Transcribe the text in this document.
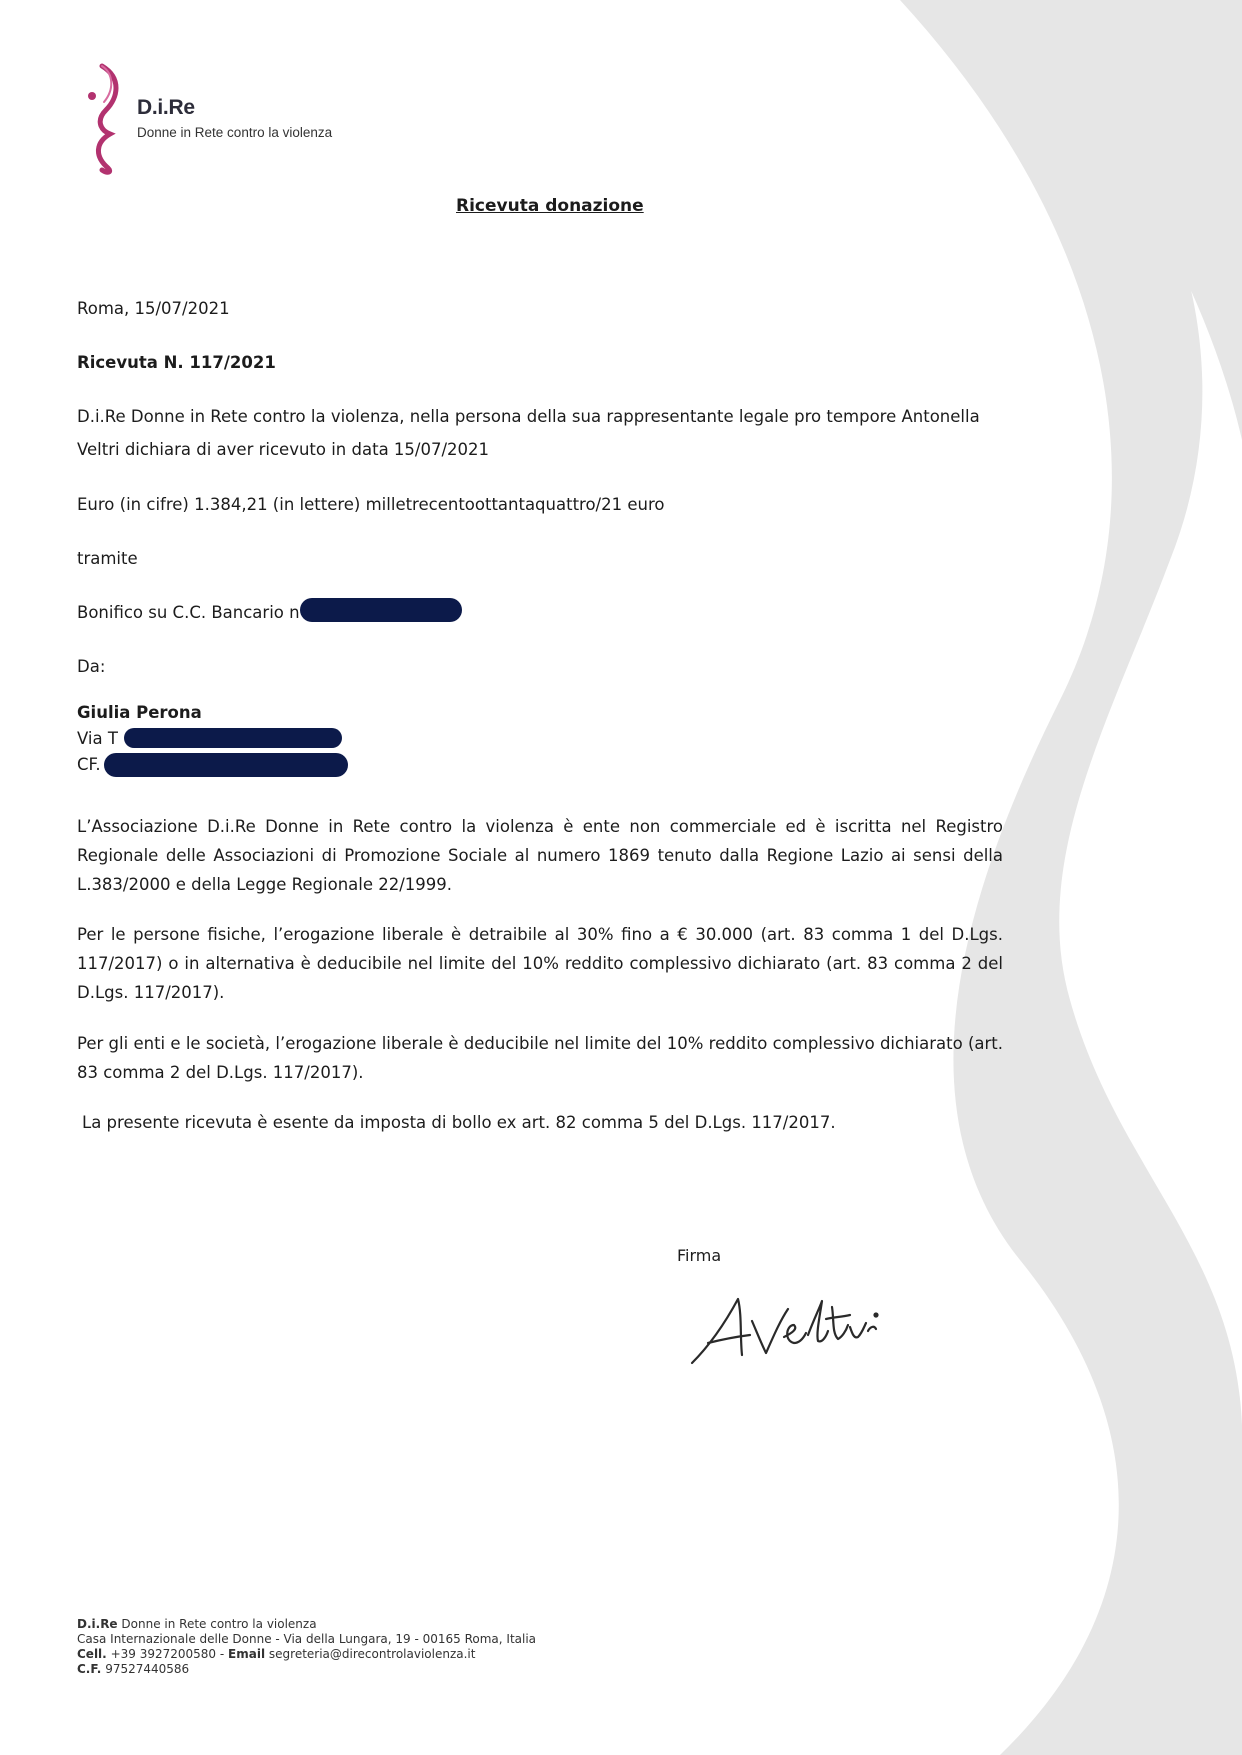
D.i.Re
Donne in Rete contro la violenza
Ricevuta donazione
Roma, 15/07/2021
Ricevuta N. 117/2021
D.i.Re Donne in Rete contro la violenza, nella persona della sua rappresentante legale pro tempore Antonella
Veltri dichiara di aver ricevuto in data 15/07/2021
Euro (in cifre) 1.384,21 (in lettere) milletrecentoottantaquattro/21 euro
tramite
Bonifico su C.C. Bancario n
Da:
Giulia Perona
Via T
CF.
L’Associazione D.i.Re Donne in Rete contro la violenza è ente non commerciale ed è iscritta nel Registro Regionale delle Associazioni di Promozione Sociale al numero 1869 tenuto dalla Regione Lazio ai sensi della L.383/2000 e della Legge Regionale 22/1999.
Per le persone fisiche, l’erogazione liberale è detraibile al 30% fino a € 30.000 (art. 83 comma 1 del D.Lgs. 117/2017) o in alternativa è deducibile nel limite del 10% reddito complessivo dichiarato (art. 83 comma 2 del D.Lgs. 117/2017).
Per gli enti e le società, l’erogazione liberale è deducibile nel limite del 10% reddito complessivo dichiarato (art. 83 comma 2 del D.Lgs. 117/2017).
La presente ricevuta è esente da imposta di bollo ex art. 82 comma 5 del D.Lgs. 117/2017.
Firma
D.i.Re Donne in Rete contro la violenza
Casa Internazionale delle Donne - Via della Lungara, 19 - 00165 Roma, Italia
Cell. +39 3927200580 - Email segreteria@direcontrolaviolenza.it
C.F. 97527440586
